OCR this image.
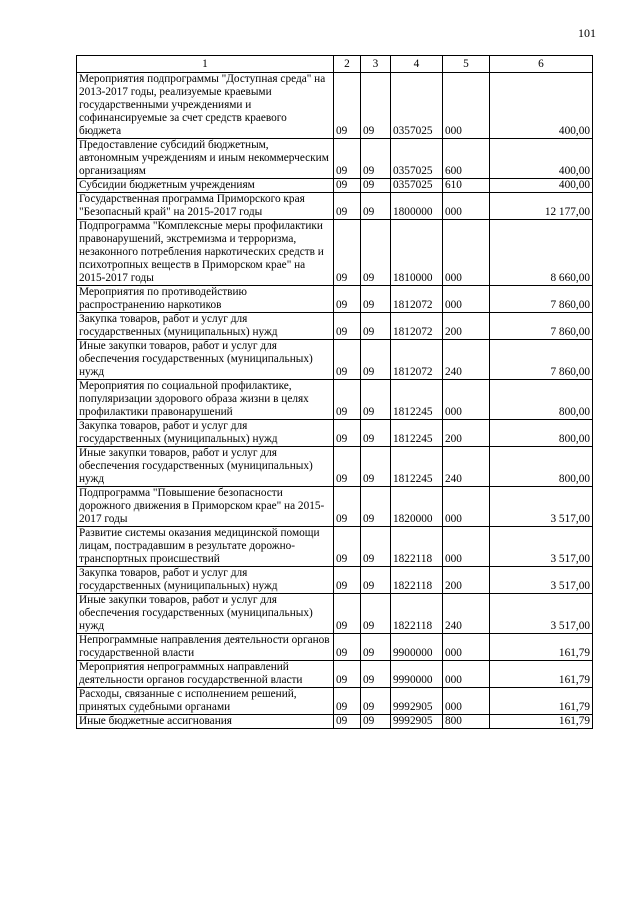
101
1	2	3	4	5	6
Мероприятия подпрограммы "Доступная среда" на 2013-2017 годы, реализуемые краевыми государственными учреждениями и софинансируемые за счет средств краевого бюджета	09	09	0357025	000	400,00
Предоставление субсидий бюджетным, автономным учреждениям и иным некоммерческим организациям	09	09	0357025	600	400,00
Субсидии бюджетным учреждениям	09	09	0357025	610	400,00
Государственная программа Приморского края "Безопасный край" на 2015-2017 годы	09	09	1800000	000	12 177,00
Подпрограмма "Комплексные меры профилактики правонарушений, экстремизма и терроризма, незаконного потребления наркотических средств и психотропных веществ в Приморском крае" на 2015-2017 годы	09	09	1810000	000	8 660,00
Мероприятия по противодействию распространению наркотиков	09	09	1812072	000	7 860,00
Закупка товаров, работ и услуг для государственных (муниципальных) нужд	09	09	1812072	200	7 860,00
Иные закупки товаров, работ и услуг для обеспечения государственных (муниципальных) нужд	09	09	1812072	240	7 860,00
Мероприятия по социальной профилактике, популяризации здорового образа жизни в целях профилактики правонарушений	09	09	1812245	000	800,00
Закупка товаров, работ и услуг для государственных (муниципальных) нужд	09	09	1812245	200	800,00
Иные закупки товаров, работ и услуг для обеспечения государственных (муниципальных) нужд	09	09	1812245	240	800,00
Подпрограмма "Повышение безопасности дорожного движения в Приморском крае" на 2015-2017 годы	09	09	1820000	000	3 517,00
Развитие системы оказания медицинской помощи лицам, пострадавшим в результате дорожно-транспортных происшествий	09	09	1822118	000	3 517,00
Закупка товаров, работ и услуг для государственных (муниципальных) нужд	09	09	1822118	200	3 517,00
Иные закупки товаров, работ и услуг для обеспечения государственных (муниципальных) нужд	09	09	1822118	240	3 517,00
Непрограммные направления деятельности органов государственной власти	09	09	9900000	000	161,79
Мероприятия непрограммных направлений деятельности органов государственной власти	09	09	9990000	000	161,79
Расходы, связанные с исполнением решений, принятых судебными органами	09	09	9992905	000	161,79
Иные бюджетные ассигнования	09	09	9992905	800	161,79
